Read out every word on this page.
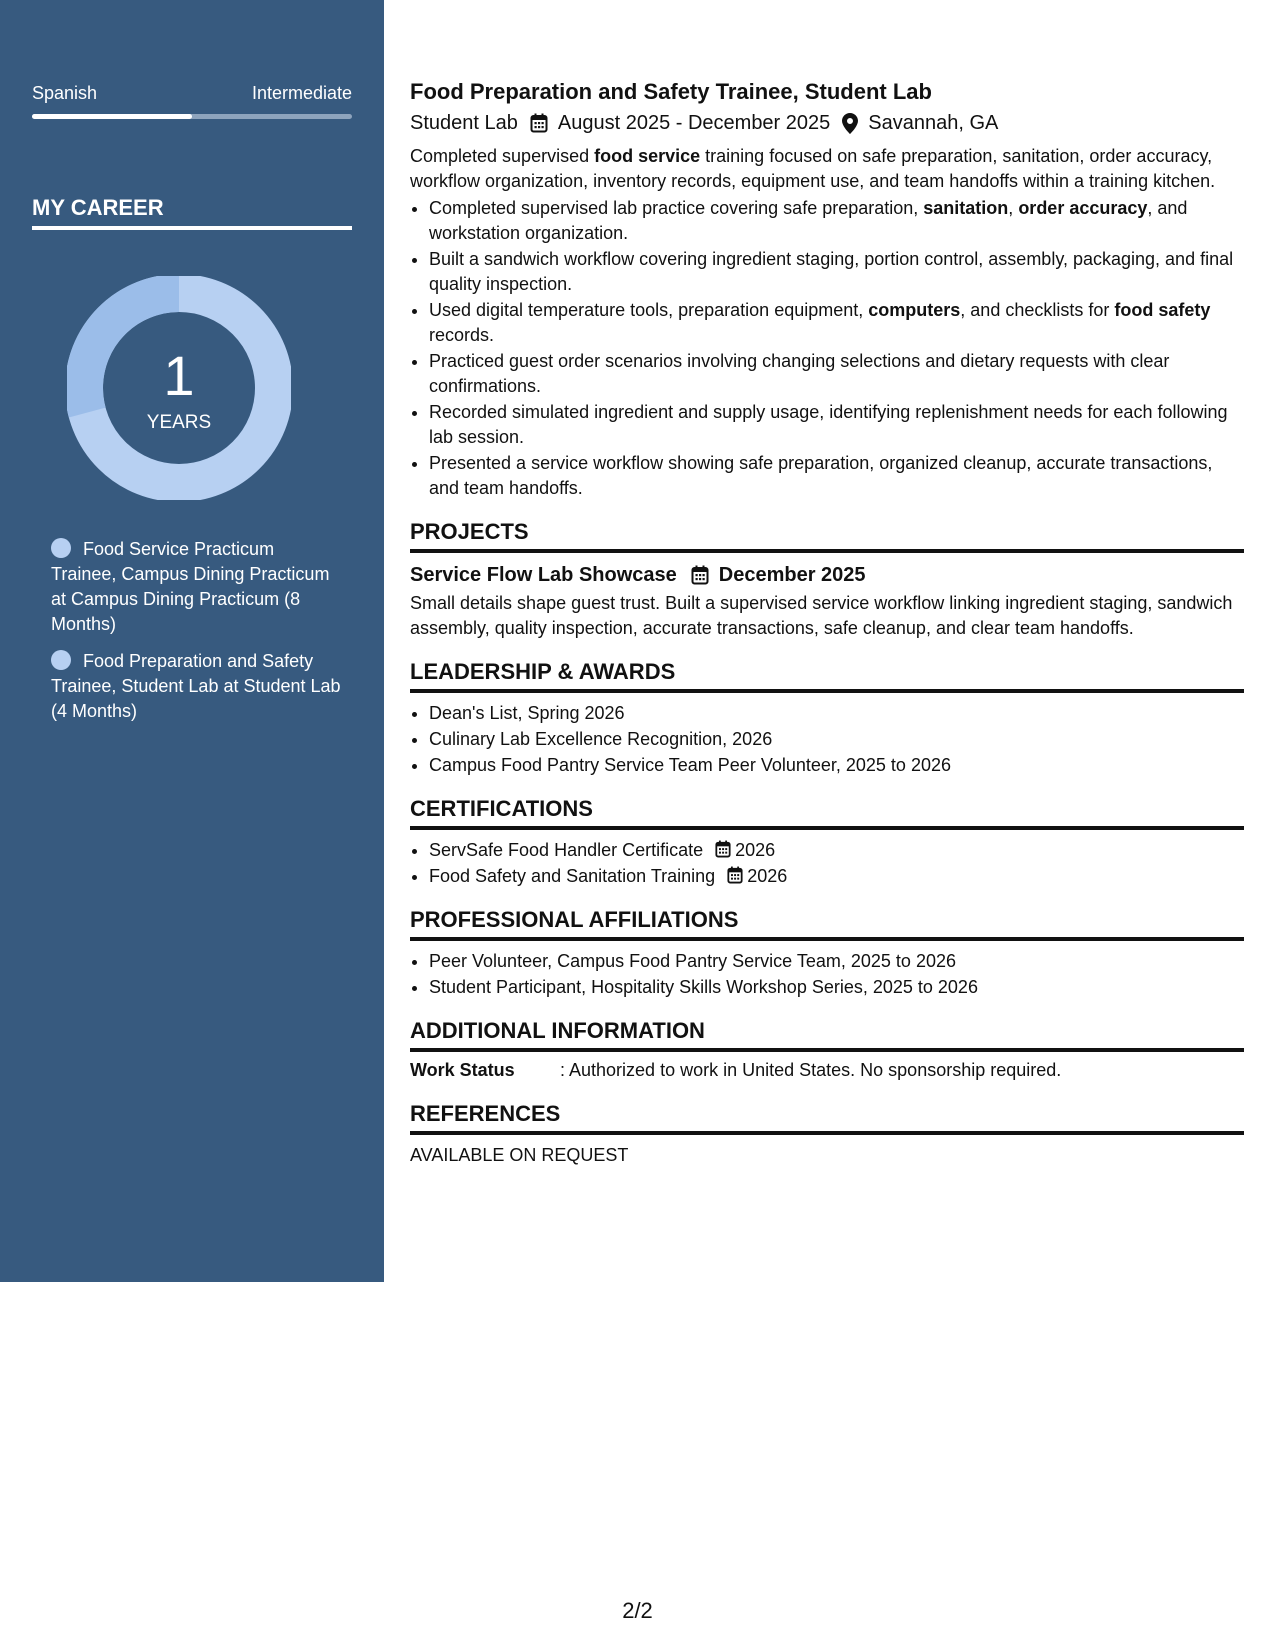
Spanish	Intermediate
MY CAREER
1
YEARS
Food Service Practicum Trainee, Campus Dining Practicum at Campus Dining Practicum (8 Months)
Food Preparation and Safety Trainee, Student Lab at Student Lab (4 Months)
Food Preparation and Safety Trainee, Student Lab
Student Lab August 2025 - December 2025 Savannah, GA
Completed supervised food service training focused on safe preparation, sanitation, order accuracy, workflow organization, inventory records, equipment use, and team handoffs within a training kitchen.
• Completed supervised lab practice covering safe preparation, sanitation, order accuracy, and workstation organization.
• Built a sandwich workflow covering ingredient staging, portion control, assembly, packaging, and final quality inspection.
• Used digital temperature tools, preparation equipment, computers, and checklists for food safety records.
• Practiced guest order scenarios involving changing selections and dietary requests with clear confirmations.
• Recorded simulated ingredient and supply usage, identifying replenishment needs for each following lab session.
• Presented a service workflow showing safe preparation, organized cleanup, accurate transactions, and team handoffs.
PROJECTS
Service Flow Lab Showcase December 2025
Small details shape guest trust. Built a supervised service workflow linking ingredient staging, sandwich assembly, quality inspection, accurate transactions, safe cleanup, and clear team handoffs.
LEADERSHIP & AWARDS
• Dean's List, Spring 2026
• Culinary Lab Excellence Recognition, 2026
• Campus Food Pantry Service Team Peer Volunteer, 2025 to 2026
CERTIFICATIONS
• ServSafe Food Handler Certificate 2026
• Food Safety and Sanitation Training 2026
PROFESSIONAL AFFILIATIONS
• Peer Volunteer, Campus Food Pantry Service Team, 2025 to 2026
• Student Participant, Hospitality Skills Workshop Series, 2025 to 2026
ADDITIONAL INFORMATION
Work Status	: Authorized to work in United States. No sponsorship required.
REFERENCES
AVAILABLE ON REQUEST
2/2
